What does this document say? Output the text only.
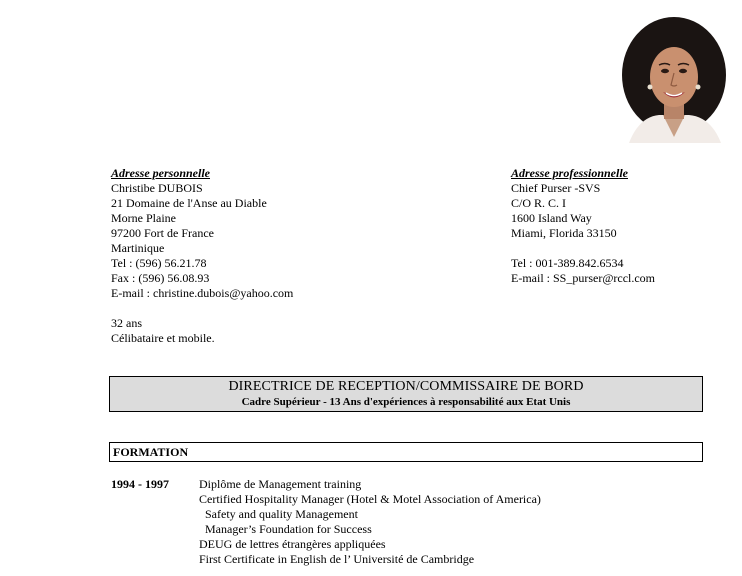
Adresse personnelle
Christibe DUBOIS
21 Domaine de l'Anse au Diable
Morne Plaine
97200 Fort de France
Martinique
Tel : (596) 56.21.78
Fax : (596) 56.08.93
E-mail : christine.dubois@yahoo.com
32 ans
Célibataire et mobile.
Adresse professionnelle
Chief Purser -SVS
C/O R. C. I
1600 Island Way
Miami, Florida 33150
Tel : 001-389.842.6534
E-mail : SS_purser@rccl.com
DIRECTRICE DE RECEPTION/COMMISSAIRE DE BORD
Cadre Supérieur - 13 Ans d'expériences à responsabilité aux Etat Unis
FORMATION
1994 - 1997	Diplôme de Management training
Certified Hospitality Manager (Hotel & Motel Association of America)
Safety and quality Management
Manager’s Foundation for Success
DEUG de lettres étrangères appliquées
First Certificate in English de l’ Université de Cambridge
